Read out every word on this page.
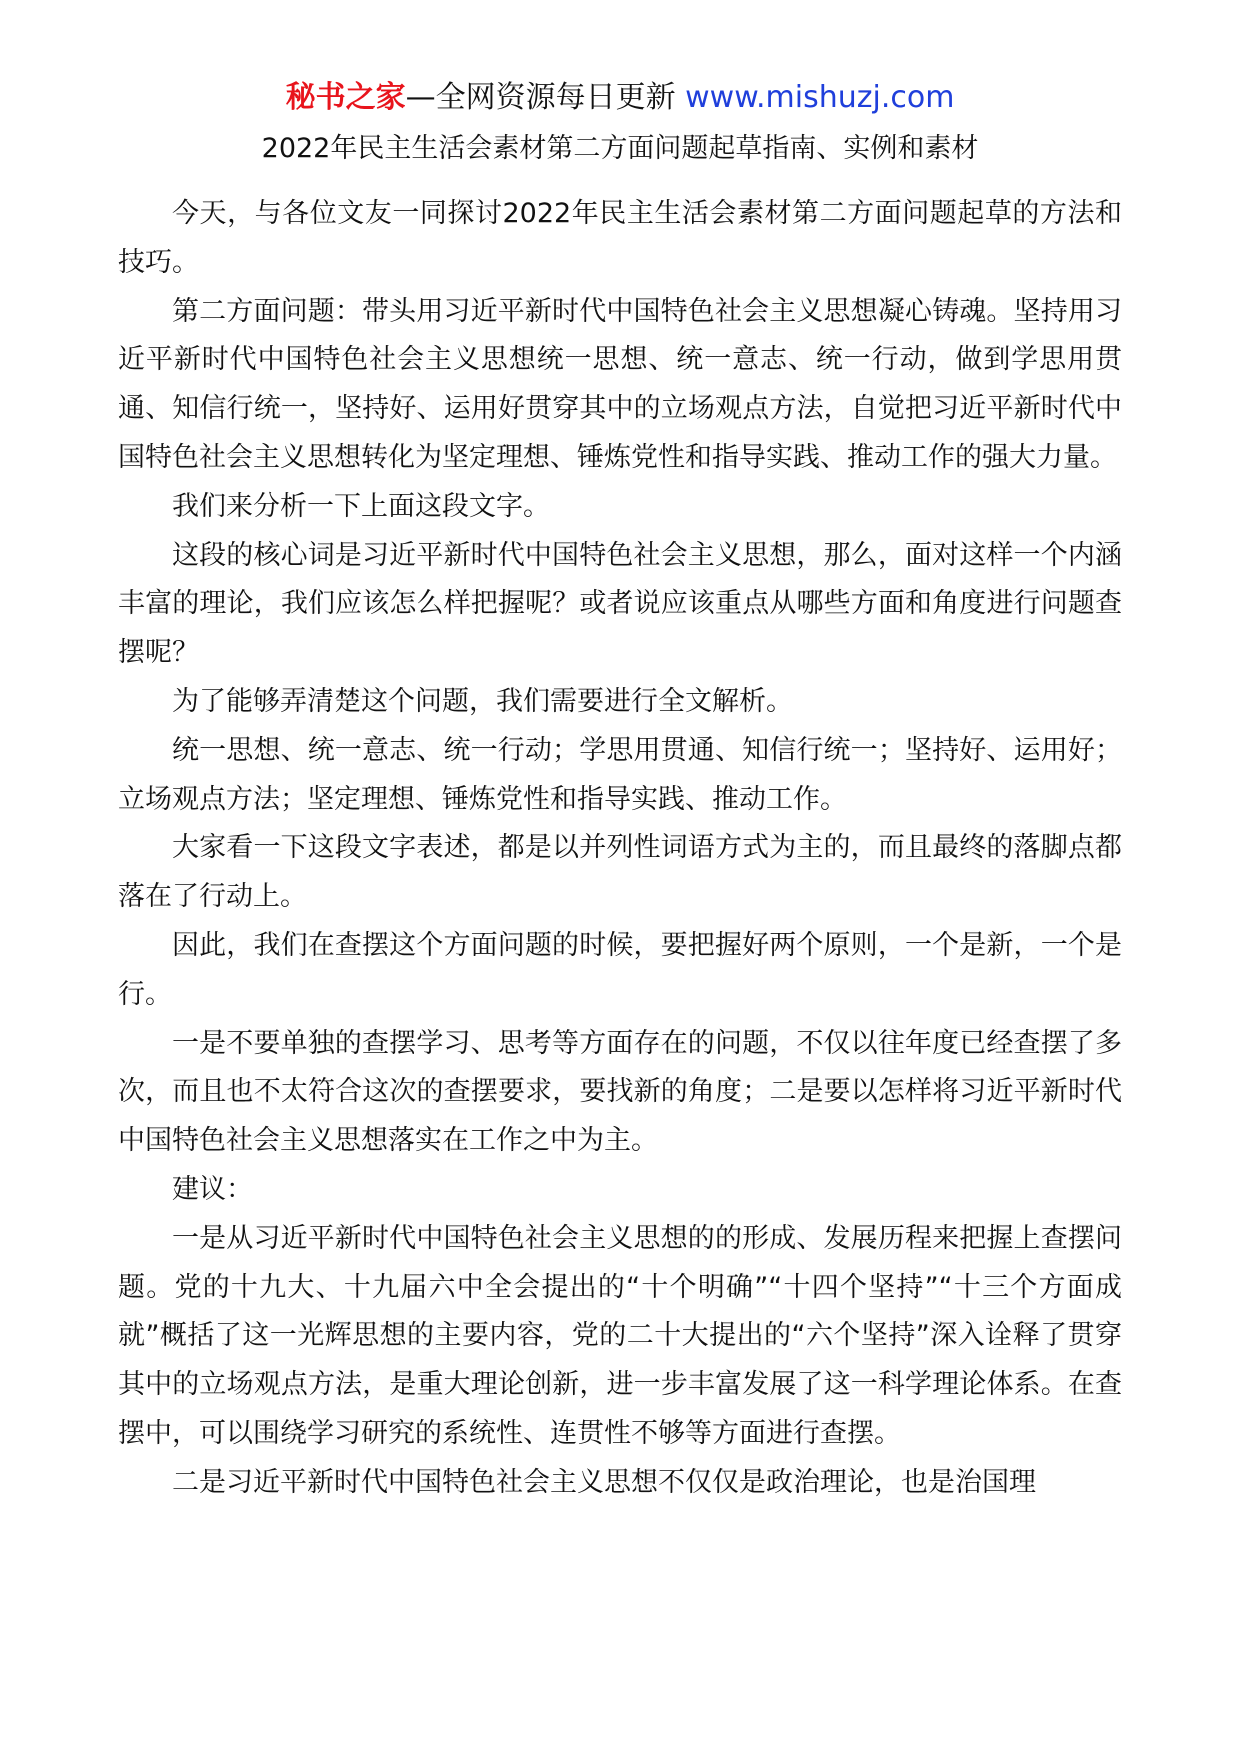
秘书之家—全网资源每日更新 www.mishuzj.com
2022年民主生活会素材第二方面问题起草指南、实例和素材

今天，与各位文友一同探讨2022年民主生活会素材第二方面问题起草的方法和技巧。

第二方面问题：带头用习近平新时代中国特色社会主义思想凝心铸魂。坚持用习近平新时代中国特色社会主义思想统一思想、统一意志、统一行动，做到学思用贯通、知信行统一，坚持好、运用好贯穿其中的立场观点方法，自觉把习近平新时代中国特色社会主义思想转化为坚定理想、锤炼党性和指导实践、推动工作的强大力量。

我们来分析一下上面这段文字。

这段的核心词是习近平新时代中国特色社会主义思想，那么，面对这样一个内涵丰富的理论，我们应该怎么样把握呢？或者说应该重点从哪些方面和角度进行问题查摆呢？

为了能够弄清楚这个问题，我们需要进行全文解析。

统一思想、统一意志、统一行动；学思用贯通、知信行统一；坚持好、运用好；立场观点方法；坚定理想、锤炼党性和指导实践、推动工作。

大家看一下这段文字表述，都是以并列性词语方式为主的，而且最终的落脚点都落在了行动上。

因此，我们在查摆这个方面问题的时候，要把握好两个原则，一个是新，一个是行。

一是不要单独的查摆学习、思考等方面存在的问题，不仅以往年度已经查摆了多次，而且也不太符合这次的查摆要求，要找新的角度；二是要以怎样将习近平新时代中国特色社会主义思想落实在工作之中为主。

建议：

一是从习近平新时代中国特色社会主义思想的的形成、发展历程来把握上查摆问题。党的十九大、十九届六中全会提出的“十个明确”“十四个坚持”“十三个方面成就”概括了这一光辉思想的主要内容，党的二十大提出的“六个坚持”深入诠释了贯穿其中的立场观点方法，是重大理论创新，进一步丰富发展了这一科学理论体系。在查摆中，可以围绕学习研究的系统性、连贯性不够等方面进行查摆。

二是习近平新时代中国特色社会主义思想不仅仅是政治理论，也是治国理
